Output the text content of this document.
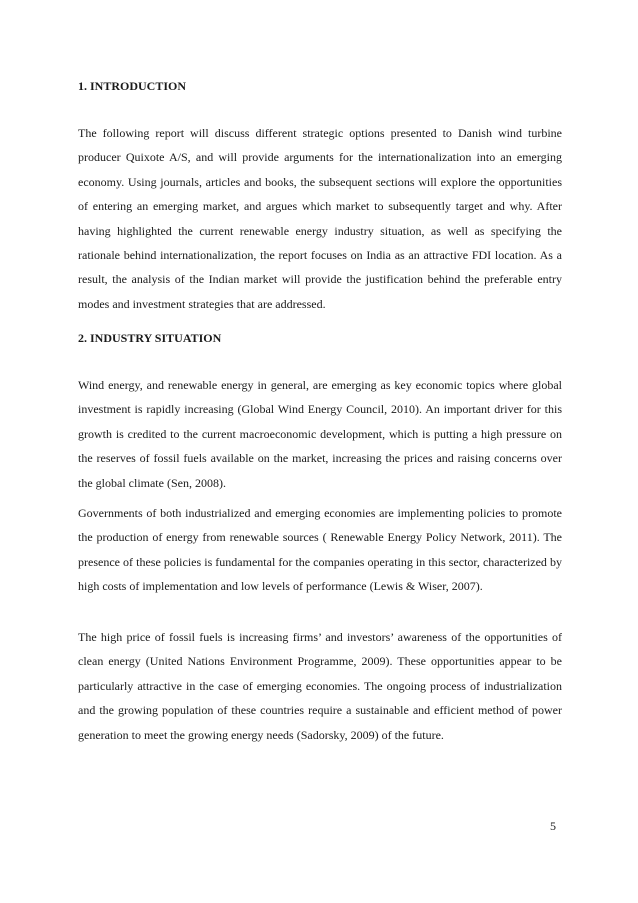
1. INTRODUCTION

The following report will discuss different strategic options presented to Danish wind turbine producer Quixote A/S, and will provide arguments for the internationalization into an emerging economy. Using journals, articles and books, the subsequent sections will explore the opportunities of entering an emerging market, and argues which market to subsequently target and why. After having highlighted the current renewable energy industry situation, as well as specifying the rationale behind internationalization, the report focuses on India as an attractive FDI location. As a result, the analysis of the Indian market will provide the justification behind the preferable entry modes and investment strategies that are addressed.

2. INDUSTRY SITUATION

Wind energy, and renewable energy in general, are emerging as key economic topics where global investment is rapidly increasing (Global Wind Energy Council, 2010). An important driver for this growth is credited to the current macroeconomic development, which is putting a high pressure on the reserves of fossil fuels available on the market, increasing the prices and raising concerns over the global climate (Sen, 2008).

Governments of both industrialized and emerging economies are implementing policies to promote the production of energy from renewable sources ( Renewable Energy Policy Network, 2011). The presence of these policies is fundamental for the companies operating in this sector, characterized by high costs of implementation and low levels of performance (Lewis & Wiser, 2007).

The high price of fossil fuels is increasing firms’ and investors’ awareness of the opportunities of clean energy (United Nations Environment Programme, 2009). These opportunities appear to be particularly attractive in the case of emerging economies. The ongoing process of industrialization and the growing population of these countries require a sustainable and efficient method of power generation to meet the growing energy needs (Sadorsky, 2009) of the future.

5
